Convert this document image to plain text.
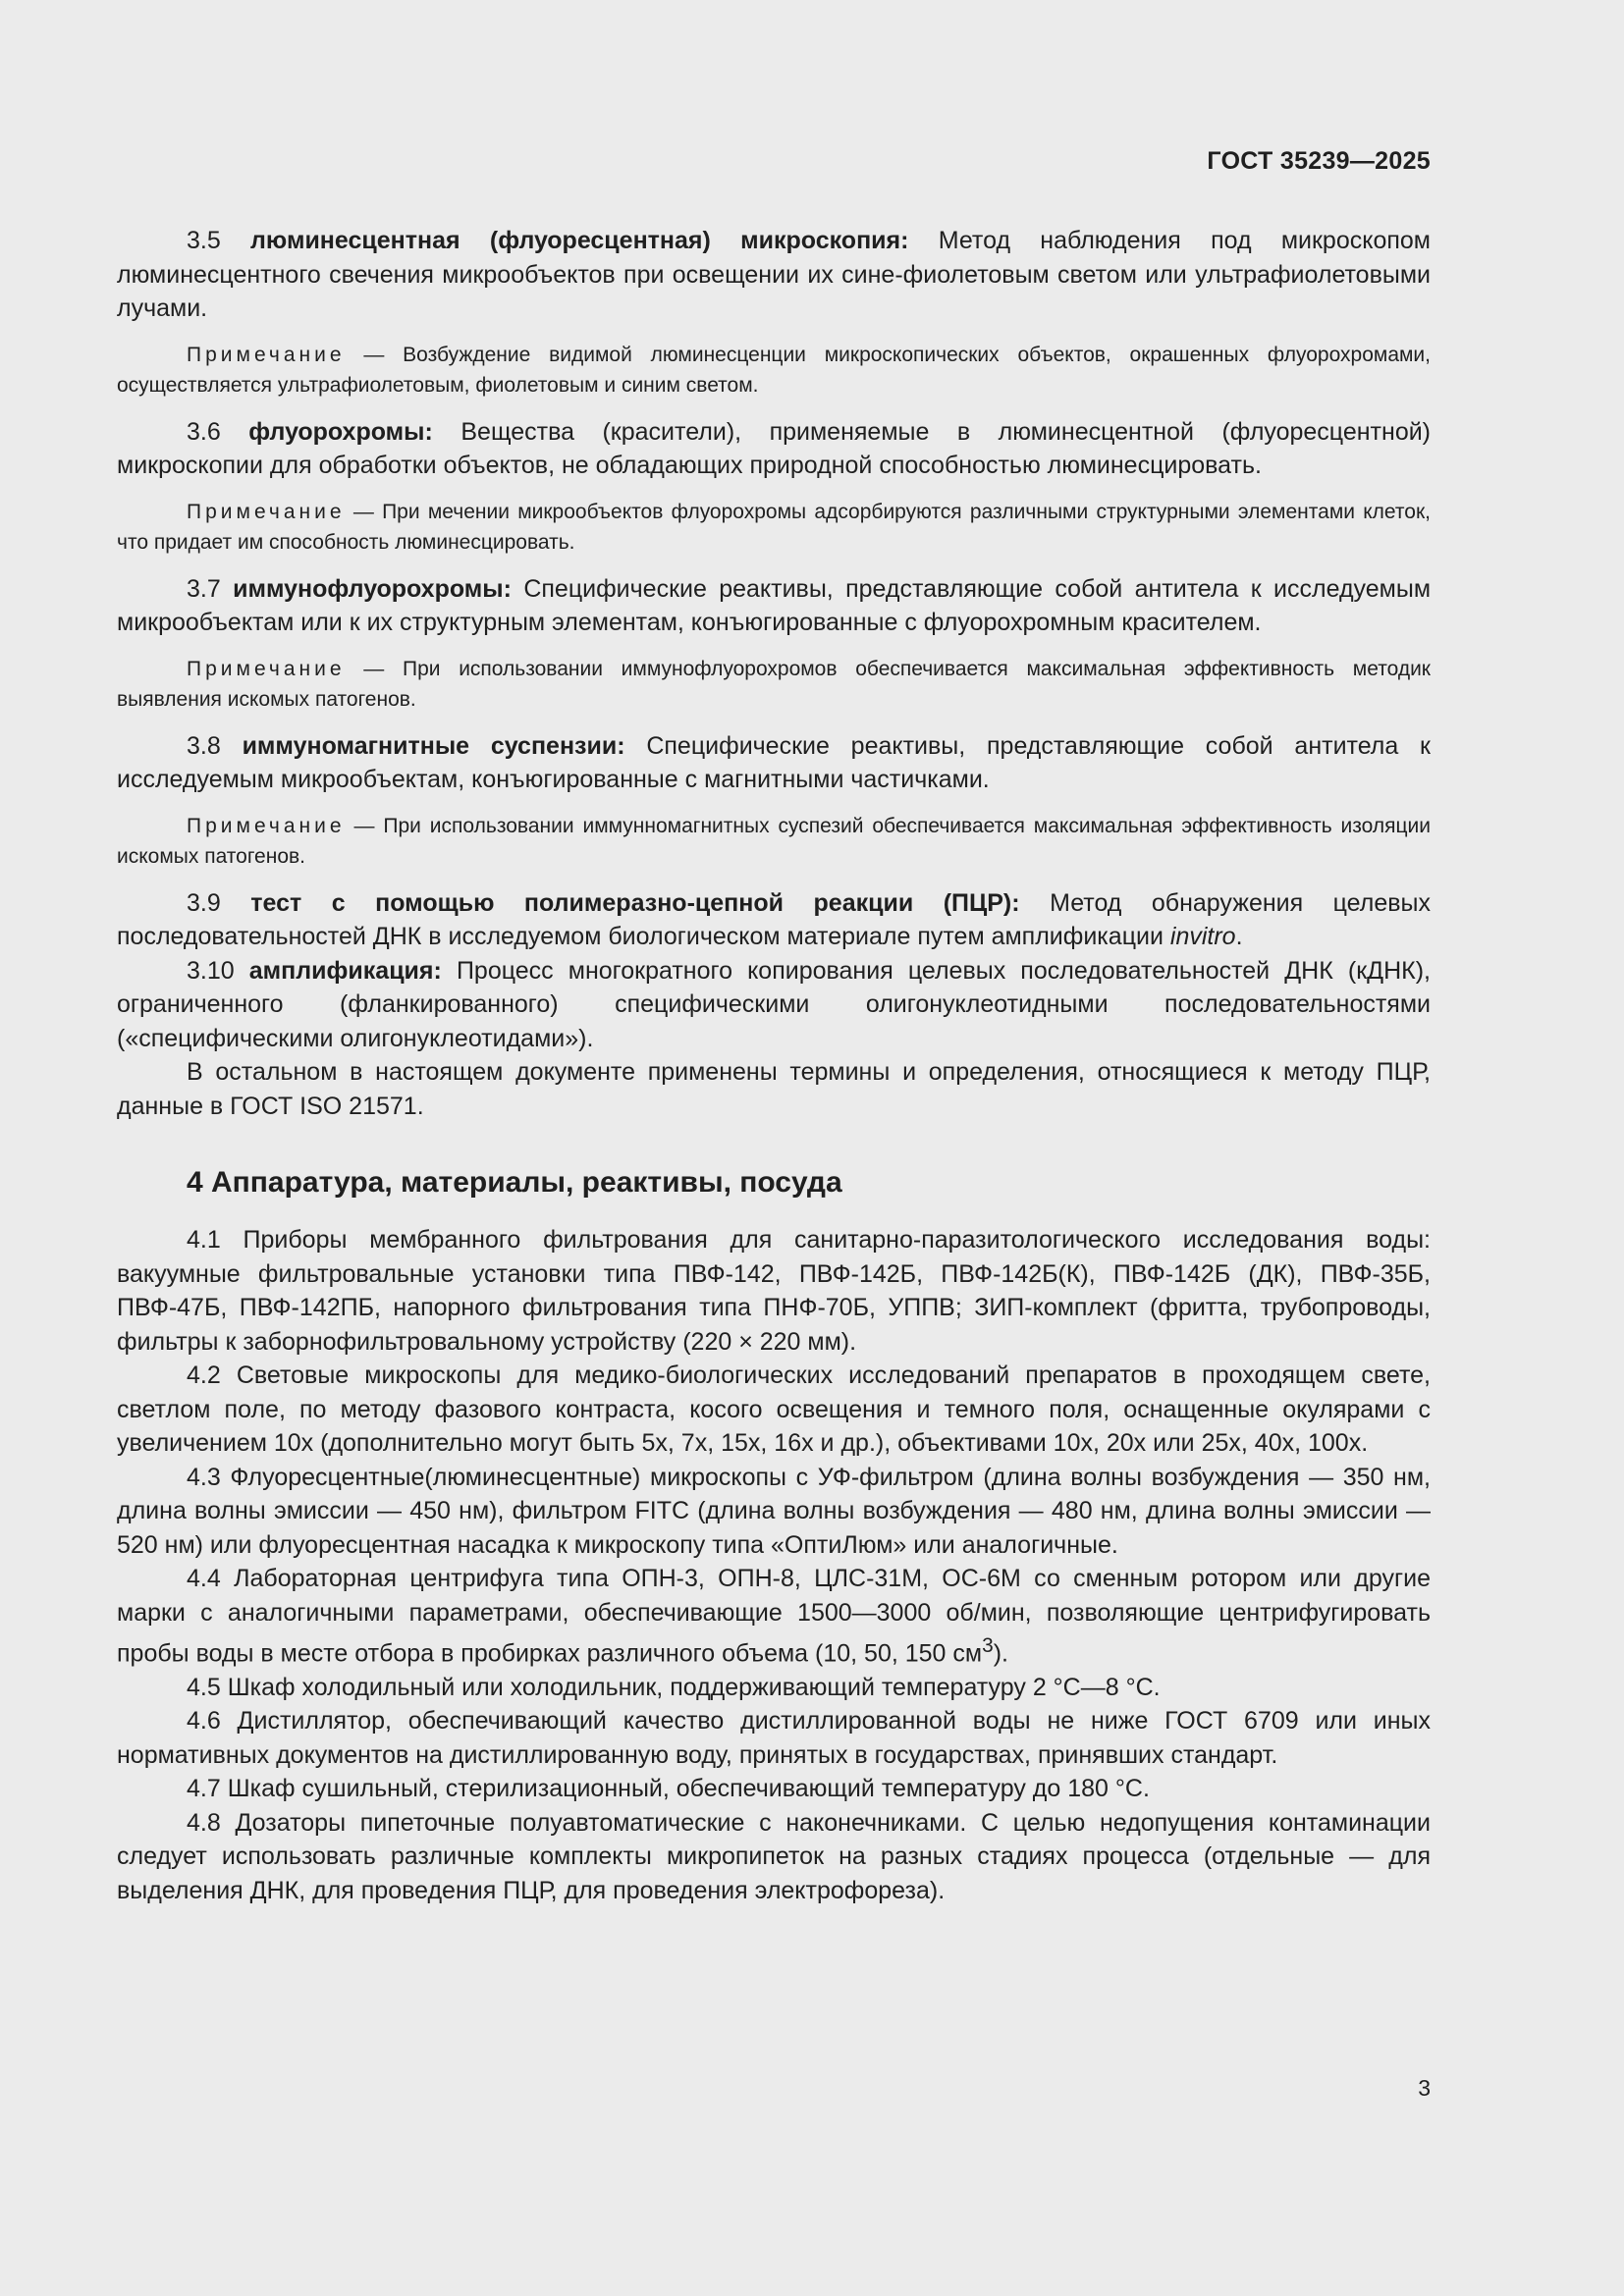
ГОСТ 35239—2025

3.5 люминесцентная (флуоресцентная) микроскопия: Метод наблюдения под микроскопом люминесцентного свечения микрообъектов при освещении их сине-фиолетовым светом или ультрафиолетовыми лучами.

Примечание — Возбуждение видимой люминесценции микроскопических объектов, окрашенных флуорохромами, осуществляется ультрафиолетовым, фиолетовым и синим светом.

3.6 флуорохромы: Вещества (красители), применяемые в люминесцентной (флуоресцентной) микроскопии для обработки объектов, не обладающих природной способностью люминесцировать.

Примечание — При мечении микрообъектов флуорохромы адсорбируются различными структурными элементами клеток, что придает им способность люминесцировать.

3.7 иммунофлуорохромы: Специфические реактивы, представляющие собой антитела к исследуемым микрообъектам или к их структурным элементам, конъюгированные с флуорохромным красителем.

Примечание — При использовании иммунофлуорохромов обеспечивается максимальная эффективность методик выявления искомых патогенов.

3.8 иммуномагнитные суспензии: Специфические реактивы, представляющие собой антитела к исследуемым микрообъектам, конъюгированные с магнитными частичками.

Примечание — При использовании иммунномагнитных суспезий обеспечивается максимальная эффективность изоляции искомых патогенов.

3.9 тест с помощью полимеразно-цепной реакции (ПЦР): Метод обнаружения целевых последовательностей ДНК в исследуемом биологическом материале путем амплификации invitro.

3.10 амплификация: Процесс многократного копирования целевых последовательностей ДНК (кДНК), ограниченного (фланкированного) специфическими олигонуклеотидными последовательностями («специфическими олигонуклеотидами»).

В остальном в настоящем документе применены термины и определения, относящиеся к методу ПЦР, данные в ГОСТ ISO 21571.

4 Аппаратура, материалы, реактивы, посуда

4.1 Приборы мембранного фильтрования для санитарно-паразитологического исследования воды: вакуумные фильтровальные установки типа ПВФ-142, ПВФ-142Б, ПВФ-142Б(К), ПВФ-142Б (ДК), ПВФ-35Б, ПВФ-47Б, ПВФ-142ПБ, напорного фильтрования типа ПНФ-70Б, УППВ; ЗИП-комплект (фритта, трубопроводы, фильтры к заборнофильтровальному устройству (220 × 220 мм).

4.2 Световые микроскопы для медико-биологических исследований препаратов в проходящем свете, светлом поле, по методу фазового контраста, косого освещения и темного поля, оснащенные окулярами с увеличением 10х (дополнительно могут быть 5х, 7х, 15х, 16х и др.), объективами 10х, 20х или 25х, 40х, 100х.

4.3 Флуоресцентные(люминесцентные) микроскопы с УФ-фильтром (длина волны возбуждения — 350 нм, длина волны эмиссии — 450 нм), фильтром FITC (длина волны возбуждения — 480 нм, длина волны эмиссии — 520 нм) или флуоресцентная насадка к микроскопу типа «ОптиЛюм» или аналогичные.

4.4 Лабораторная центрифуга типа ОПН-3, ОПН-8, ЦЛС-31М, ОС-6М со сменным ротором или другие марки с аналогичными параметрами, обеспечивающие 1500—3000 об/мин, позволяющие центрифугировать пробы воды в месте отбора в пробирках различного объема (10, 50, 150 $см^3$).

4.5 Шкаф холодильный или холодильник, поддерживающий температуру 2 °С—8 °С.

4.6 Дистиллятор, обеспечивающий качество дистиллированной воды не ниже ГОСТ 6709 или иных нормативных документов на дистиллированную воду, принятых в государствах, принявших стандарт.

4.7 Шкаф сушильный, стерилизационный, обеспечивающий температуру до 180 °С.

4.8 Дозаторы пипеточные полуавтоматические с наконечниками. С целью недопущения контаминации следует использовать различные комплекты микропипеток на разных стадиях процесса (отдельные — для выделения ДНК, для проведения ПЦР, для проведения электрофореза).

3
